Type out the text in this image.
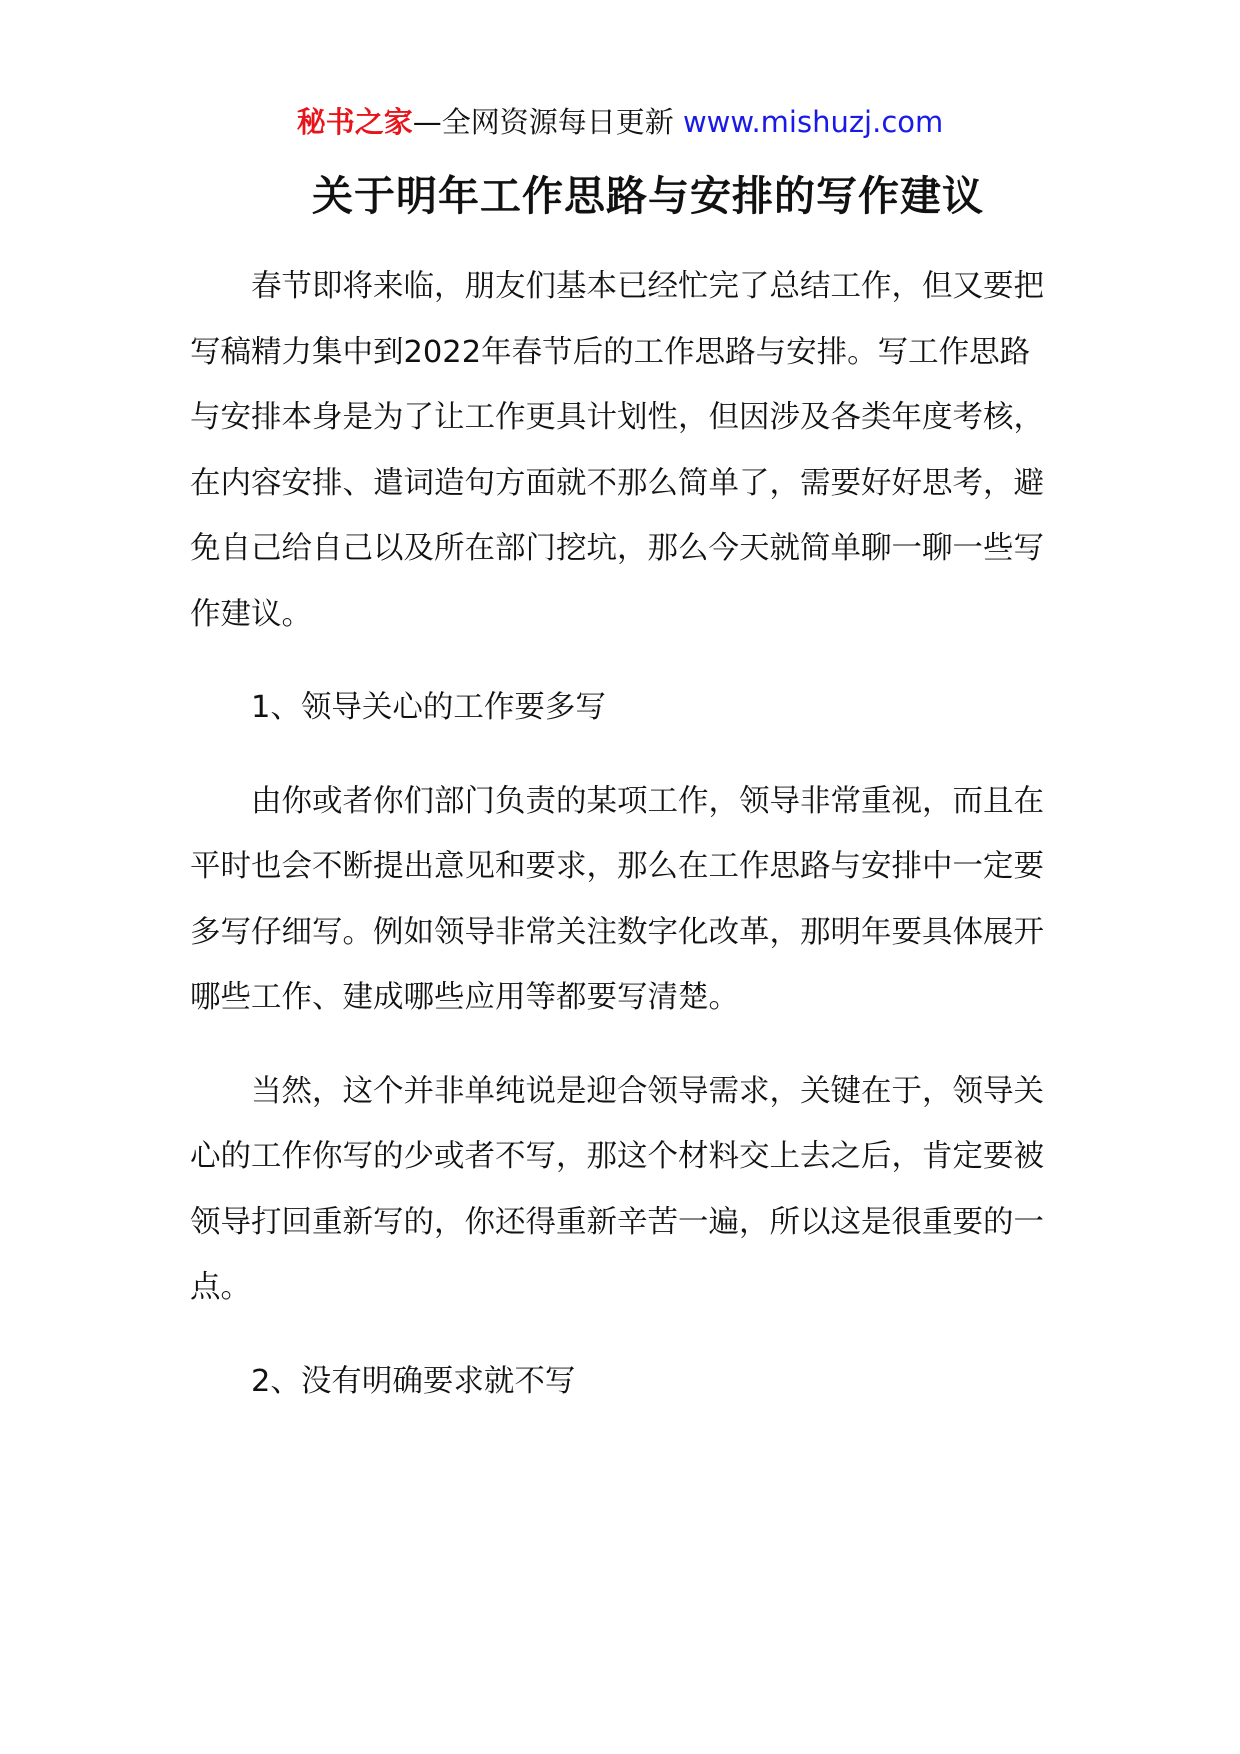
秘书之家—全网资源每日更新 www.mishuzj.com
关于明年工作思路与安排的写作建议

春节即将来临，朋友们基本已经忙完了总结工作，但又要把写稿精力集中到2022年春节后的工作思路与安排。写工作思路与安排本身是为了让工作更具计划性，但因涉及各类年度考核，在内容安排、遣词造句方面就不那么简单了，需要好好思考，避免自己给自己以及所在部门挖坑，那么今天就简单聊一聊一些写作建议。

1、领导关心的工作要多写

由你或者你们部门负责的某项工作，领导非常重视，而且在平时也会不断提出意见和要求，那么在工作思路与安排中一定要多写仔细写。例如领导非常关注数字化改革，那明年要具体展开哪些工作、建成哪些应用等都要写清楚。

当然，这个并非单纯说是迎合领导需求，关键在于，领导关心的工作你写的少或者不写，那这个材料交上去之后，肯定要被领导打回重新写的，你还得重新辛苦一遍，所以这是很重要的一点。

2、没有明确要求就不写
